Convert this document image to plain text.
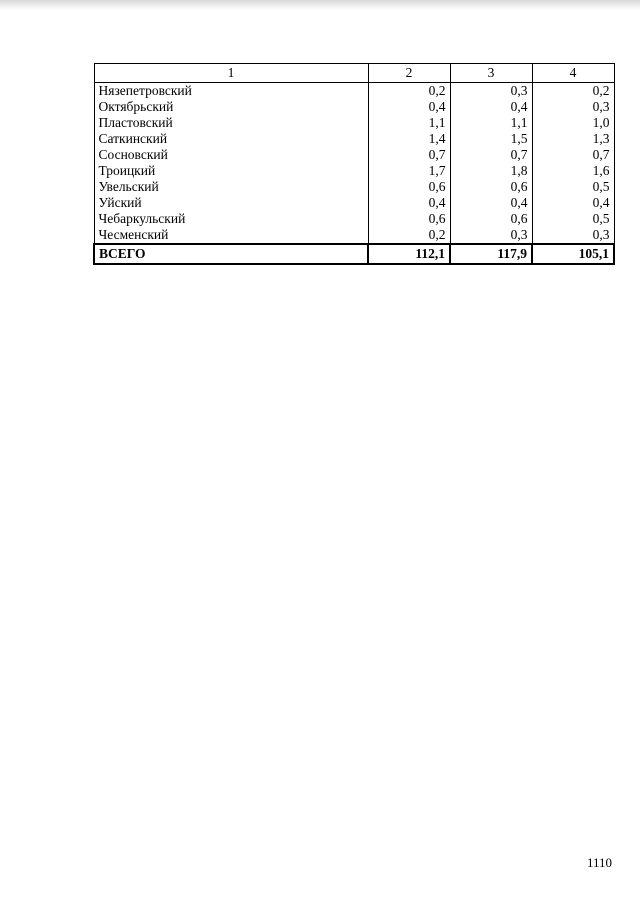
1	2	3	4
Нязепетровский	0,2	0,3	0,2
Октябрьский	0,4	0,4	0,3
Пластовский	1,1	1,1	1,0
Саткинский	1,4	1,5	1,3
Сосновский	0,7	0,7	0,7
Троицкий	1,7	1,8	1,6
Увельский	0,6	0,6	0,5
Уйский	0,4	0,4	0,4
Чебаркульский	0,6	0,6	0,5
Чесменский	0,2	0,3	0,3
ВСЕГО	112,1	117,9	105,1
1110
